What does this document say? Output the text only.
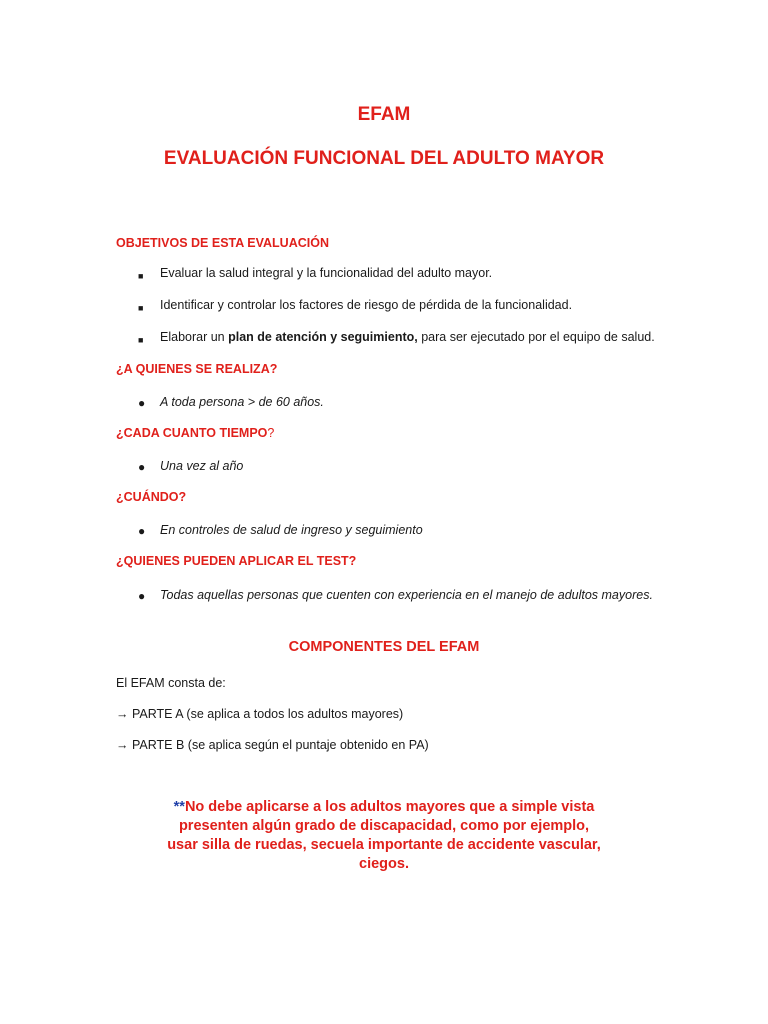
EFAM
EVALUACIÓN FUNCIONAL DEL ADULTO MAYOR
OBJETIVOS DE ESTA EVALUACIÓN
■ Evaluar la salud integral y la funcionalidad del adulto mayor.
■ Identificar y controlar los factores de riesgo de pérdida de la funcionalidad.
■ Elaborar un plan de atención y seguimiento, para ser ejecutado por el equipo de salud.
¿A QUIENES SE REALIZA?
● A toda persona > de 60 años.
¿CADA CUANTO TIEMPO?
● Una vez al año
¿CUÁNDO?
● En controles de salud de ingreso y seguimiento
¿QUIENES PUEDEN APLICAR EL TEST?
● Todas aquellas personas que cuenten con experiencia en el manejo de adultos mayores.
COMPONENTES DEL EFAM
El EFAM consta de:
→ PARTE A (se aplica a todos los adultos mayores)
→ PARTE B (se aplica según el puntaje obtenido en PA)
**No debe aplicarse a los adultos mayores que a simple vista
presenten algún grado de discapacidad, como por ejemplo,
usar silla de ruedas, secuela importante de accidente vascular,
ciegos.
